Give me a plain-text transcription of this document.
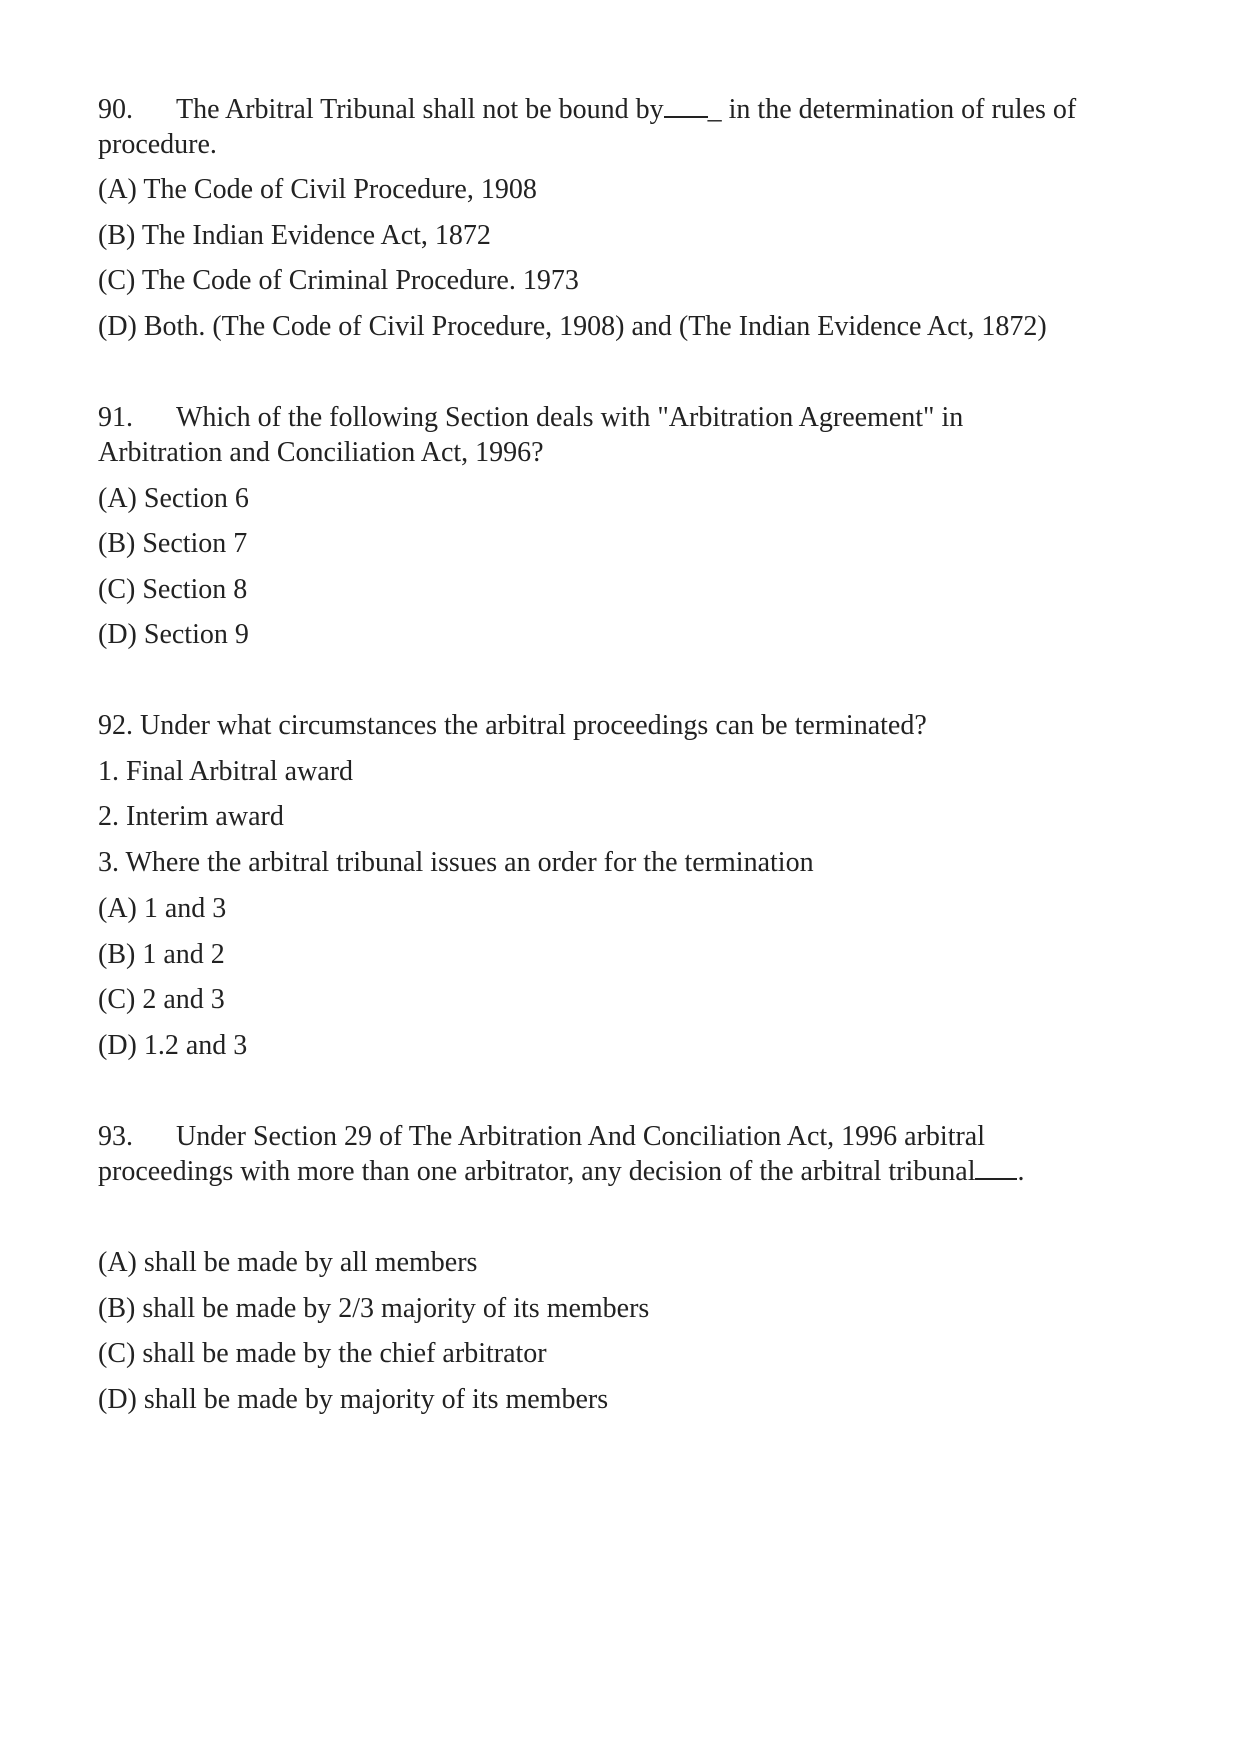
90. The Arbitral Tribunal shall not be bound by _ in the determination of rules of
procedure.
(A) The Code of Civil Procedure, 1908
(B) The Indian Evidence Act, 1872
(C) The Code of Criminal Procedure. 1973
(D) Both. (The Code of Civil Procedure, 1908) and (The Indian Evidence Act, 1872)
91. Which of the following Section deals with "Arbitration Agreement" in
Arbitration and Conciliation Act, 1996?
(A) Section 6
(B) Section 7
(C) Section 8
(D) Section 9
92. Under what circumstances the arbitral proceedings can be terminated?
1. Final Arbitral award
2. Interim award
3. Where the arbitral tribunal issues an order for the termination
(A) 1 and 3
(B) 1 and 2
(C) 2 and 3
(D) 1.2 and 3
93. Under Section 29 of The Arbitration And Conciliation Act, 1996 arbitral
proceedings with more than one arbitrator, any decision of the arbitral tribunal .
(A) shall be made by all members
(B) shall be made by 2/3 majority of its members
(C) shall be made by the chief arbitrator
(D) shall be made by majority of its members
